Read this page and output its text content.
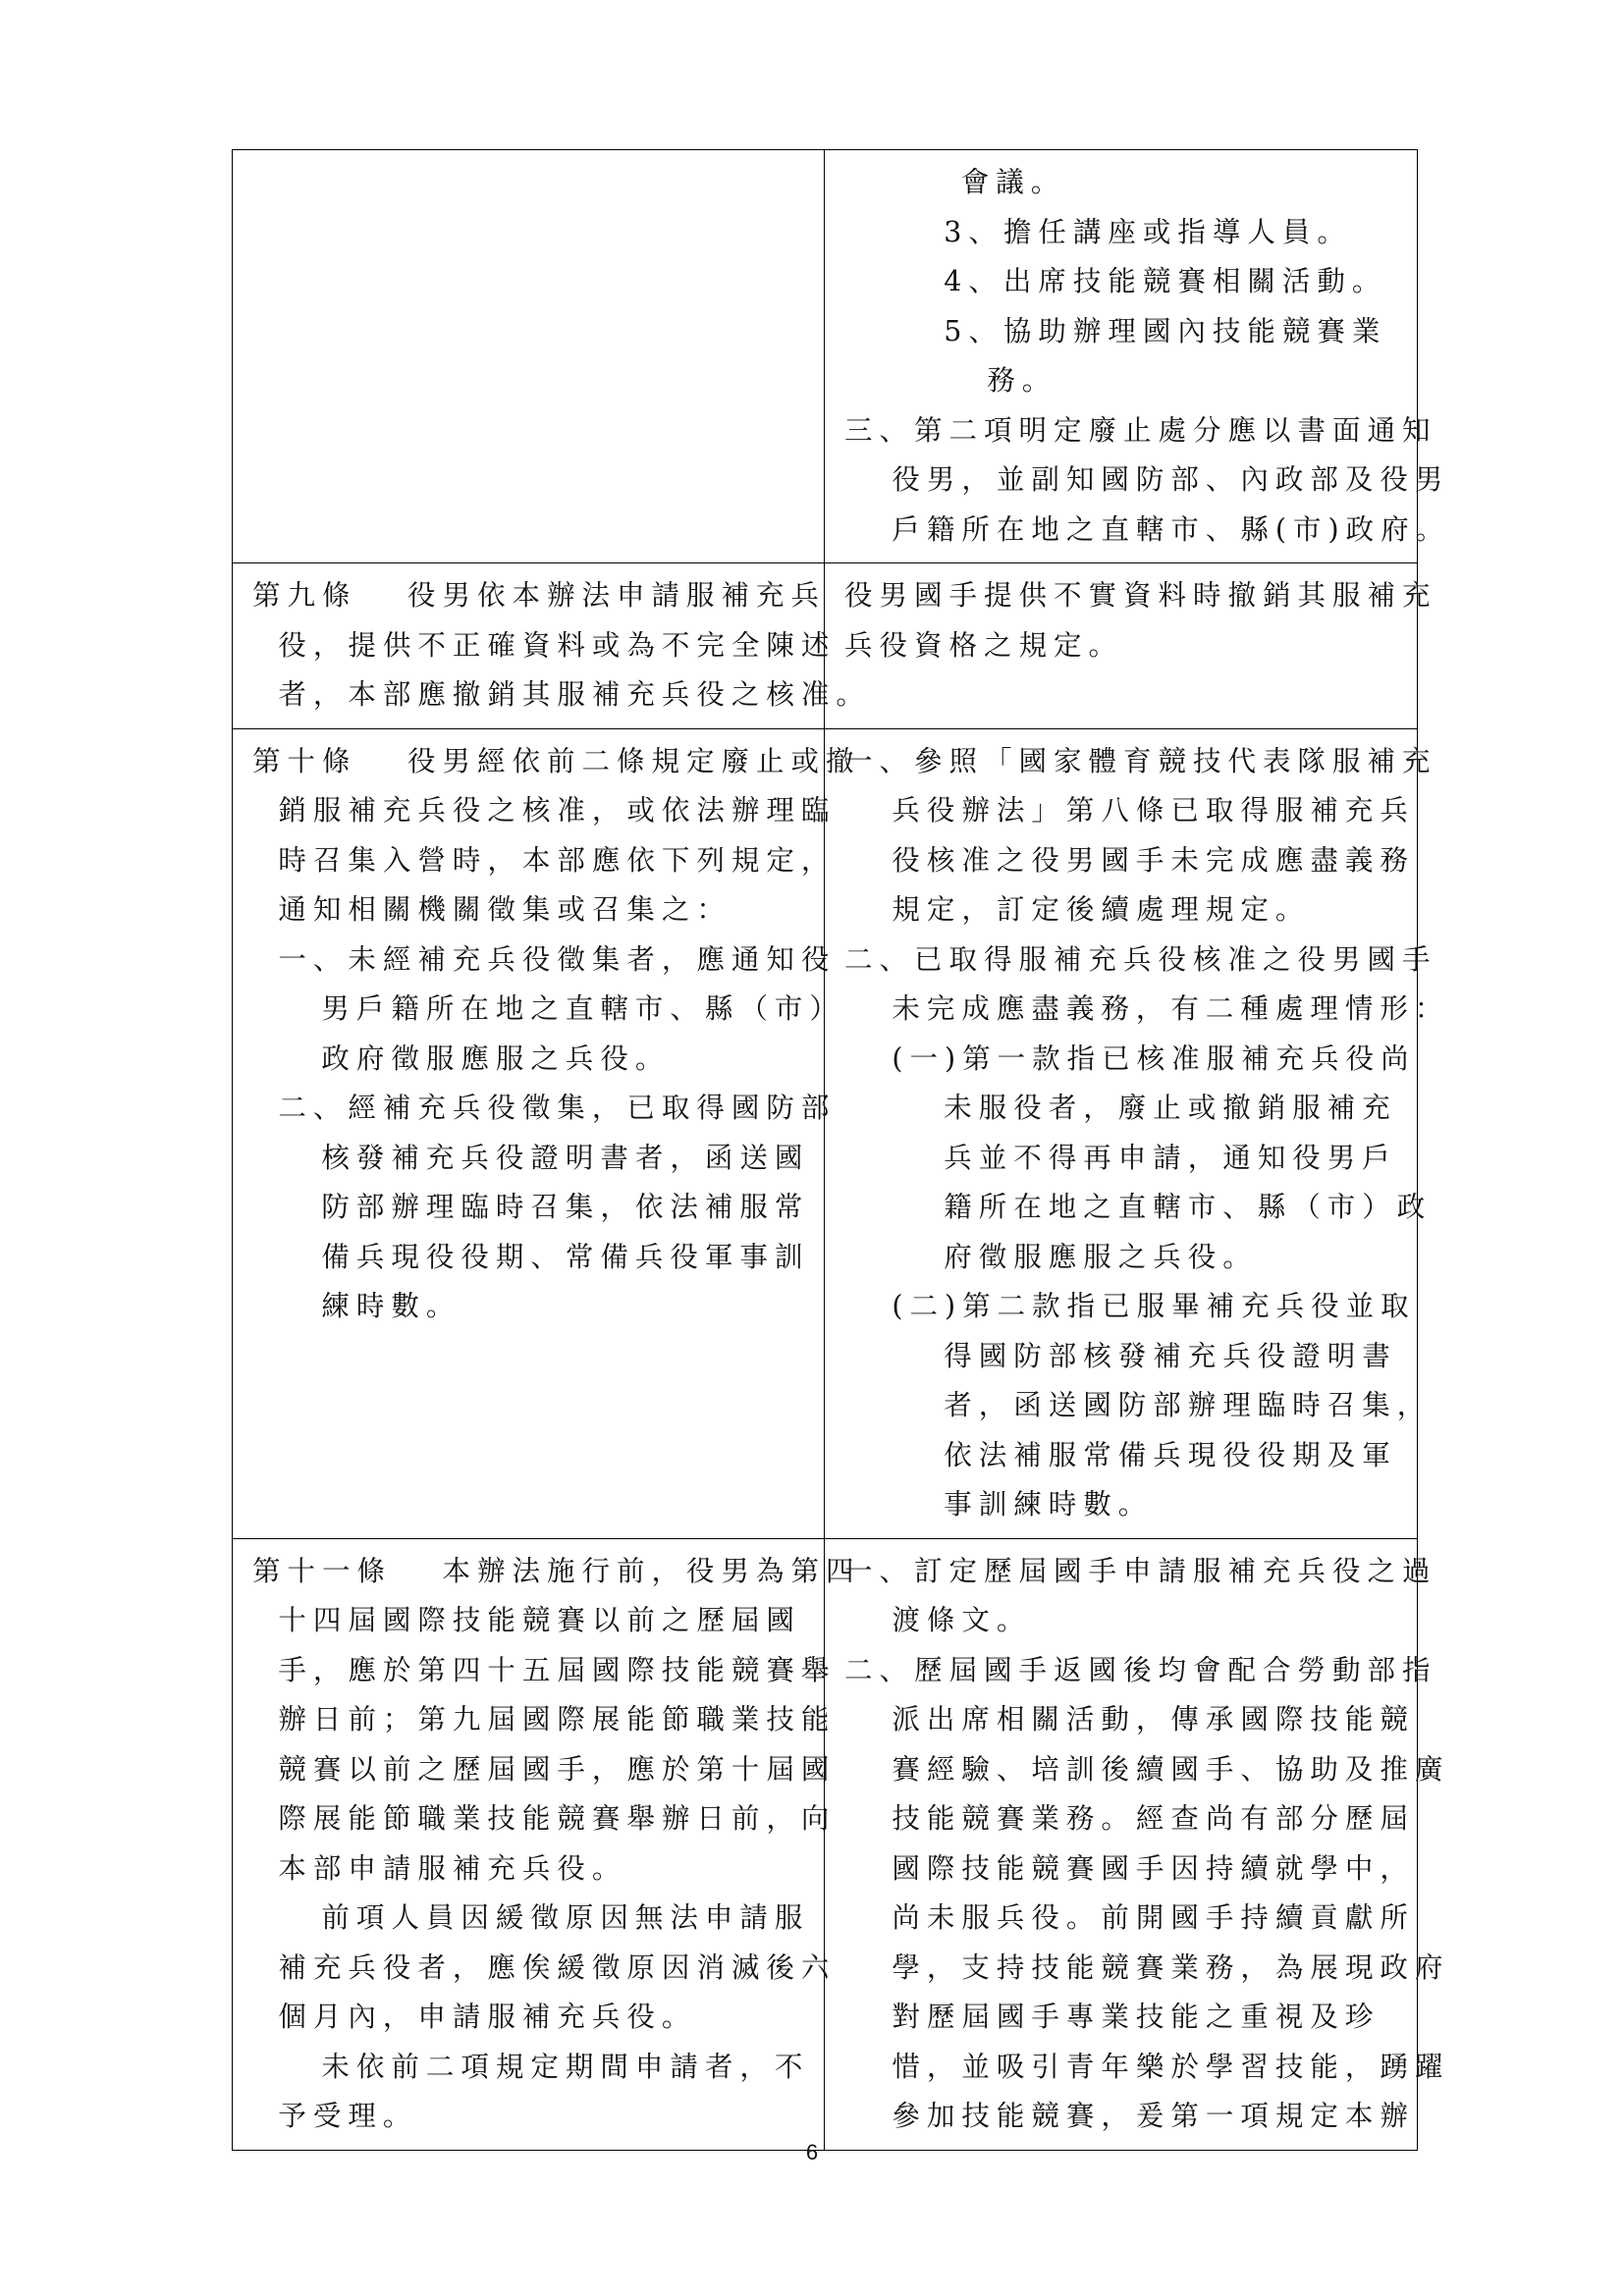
會議。
3、擔任講座或指導人員。
4、出席技能競賽相關活動。
5、協助辦理國內技能競賽業
務。
三、第二項明定廢止處分應以書面通知
役男，並副知國防部、內政部及役男
戶籍所在地之直轄市、縣(市)政府。
第九條　 役男依本辦法申請服補充兵
役，提供不正確資料或為不完全陳述
者，本部應撤銷其服補充兵役之核准。
役男國手提供不實資料時撤銷其服補充
兵役資格之規定。
第十條　 役男經依前二條規定廢止或撤
銷服補充兵役之核准，或依法辦理臨
時召集入營時，本部應依下列規定，
通知相關機關徵集或召集之：
一、未經補充兵役徵集者，應通知役
男戶籍所在地之直轄市、縣（市）
政府徵服應服之兵役。
二、經補充兵役徵集，已取得國防部
核發補充兵役證明書者，函送國
防部辦理臨時召集，依法補服常
備兵現役役期、常備兵役軍事訓
練時數。
一、參照「國家體育競技代表隊服補充
兵役辦法」第八條已取得服補充兵
役核准之役男國手未完成應盡義務
規定，訂定後續處理規定。
二、已取得服補充兵役核准之役男國手
未完成應盡義務，有二種處理情形：
(一)第一款指已核准服補充兵役尚
未服役者，廢止或撤銷服補充
兵並不得再申請，通知役男戶
籍所在地之直轄市、縣（市）政
府徵服應服之兵役。
(二)第二款指已服畢補充兵役並取
得國防部核發補充兵役證明書
者，函送國防部辦理臨時召集，
依法補服常備兵現役役期及軍
事訓練時數。
第十一條　 本辦法施行前，役男為第四
十四屆國際技能競賽以前之歷屆國
手，應於第四十五屆國際技能競賽舉
辦日前；第九屆國際展能節職業技能
競賽以前之歷屆國手，應於第十屆國
際展能節職業技能競賽舉辦日前，向
本部申請服補充兵役。
前項人員因緩徵原因無法申請服
補充兵役者，應俟緩徵原因消滅後六
個月內，申請服補充兵役。
未依前二項規定期間申請者，不
予受理。
一、訂定歷屆國手申請服補充兵役之過
渡條文。
二、歷屆國手返國後均會配合勞動部指
派出席相關活動，傳承國際技能競
賽經驗、培訓後續國手、協助及推廣
技能競賽業務。經查尚有部分歷屆
國際技能競賽國手因持續就學中，
尚未服兵役。前開國手持續貢獻所
學，支持技能競賽業務，為展現政府
對歷屆國手專業技能之重視及珍
惜，並吸引青年樂於學習技能，踴躍
參加技能競賽，爰第一項規定本辦
6
